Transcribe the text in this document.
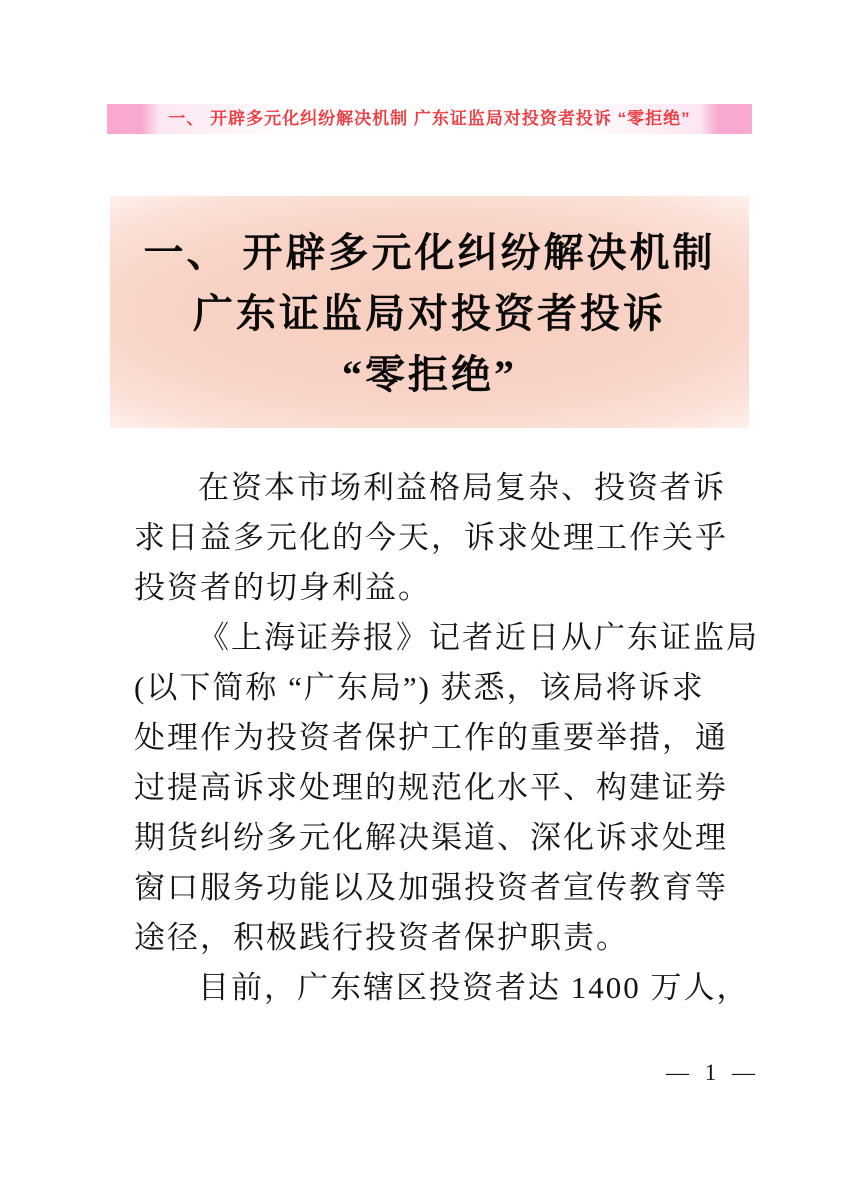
一、 开辟多元化纠纷解决机制 广东证监局对投资者投诉 “零拒绝”
一、 开辟多元化纠纷解决机制
广东证监局对投资者投诉
“零拒绝”
在资本市场利益格局复杂、投资者诉
求日益多元化的今天，诉求处理工作关乎
投资者的切身利益。
《上海证券报》记者近日从广东证监局
(以下简称 “广东局”) 获悉，该局将诉求
处理作为投资者保护工作的重要举措，通
过提高诉求处理的规范化水平、构建证券
期货纠纷多元化解决渠道、深化诉求处理
窗口服务功能以及加强投资者宣传教育等
途径，积极践行投资者保护职责。
目前，广东辖区投资者达 1400 万人，
— 1 —
